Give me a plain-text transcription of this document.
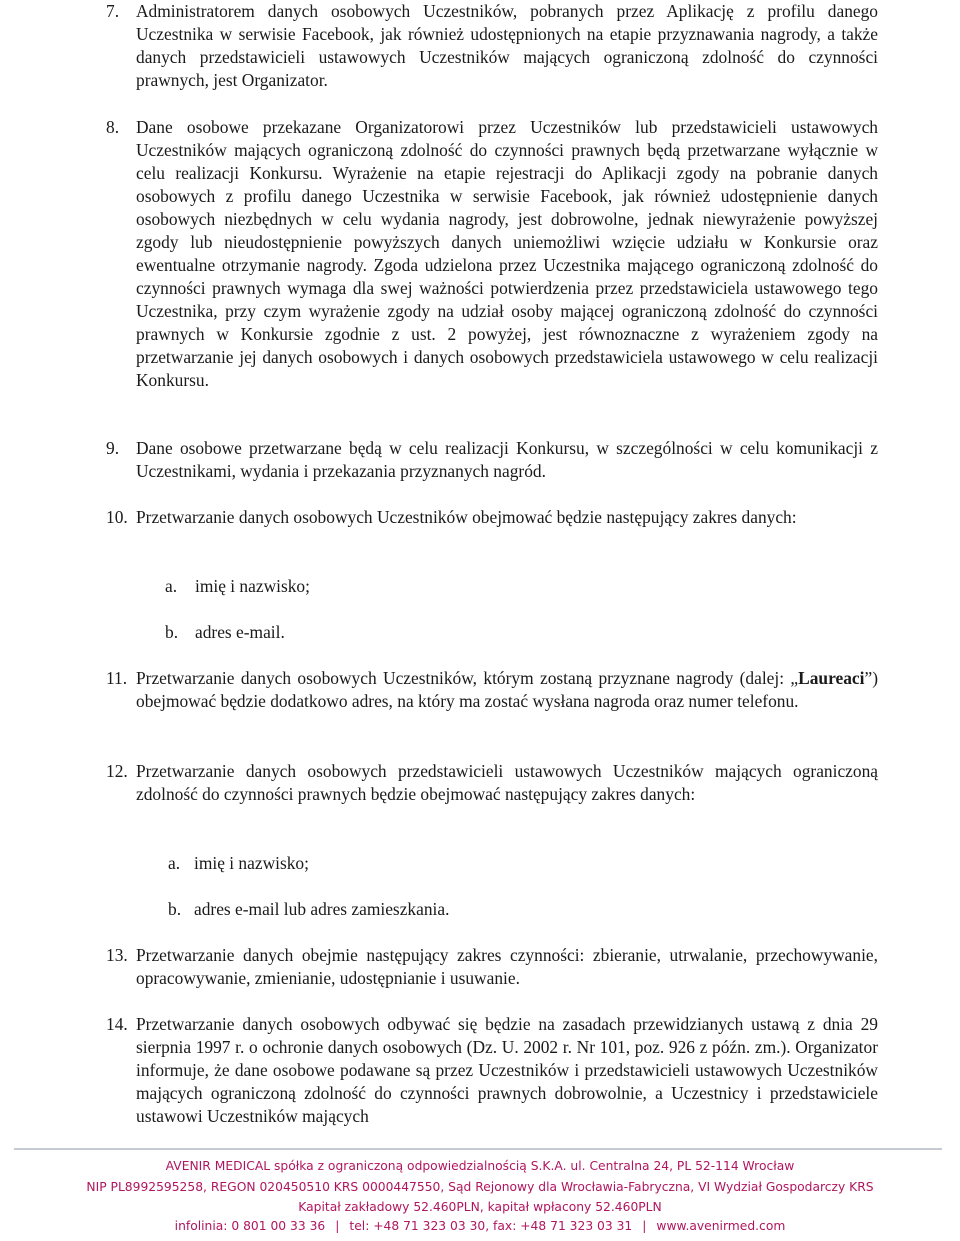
7. Administratorem danych osobowych Uczestników, pobranych przez Aplikację z profilu danego Uczestnika w serwisie Facebook, jak również udostępnionych na etapie przyznawania nagrody, a także danych przedstawicieli ustawowych Uczestników mających ograniczoną zdolność do czynności prawnych, jest Organizator.
8. Dane osobowe przekazane Organizatorowi przez Uczestników lub przedstawicieli ustawowych Uczestników mających ograniczoną zdolność do czynności prawnych będą przetwarzane wyłącznie w celu realizacji Konkursu. Wyrażenie na etapie rejestracji do Aplikacji zgody na pobranie danych osobowych z profilu danego Uczestnika w serwisie Facebook, jak również udostępnienie danych osobowych niezbędnych w celu wydania nagrody, jest dobrowolne, jednak niewyrażenie powyższej zgody lub nieudostępnienie powyższych danych uniemożliwi wzięcie udziału w Konkursie oraz ewentualne otrzymanie nagrody. Zgoda udzielona przez Uczestnika mającego ograniczoną zdolność do czynności prawnych wymaga dla swej ważności potwierdzenia przez przedstawiciela ustawowego tego Uczestnika, przy czym wyrażenie zgody na udział osoby mającej ograniczoną zdolność do czynności prawnych w Konkursie zgodnie z ust. 2 powyżej, jest równoznaczne z wyrażeniem zgody na przetwarzanie jej danych osobowych i danych osobowych przedstawiciela ustawowego w celu realizacji Konkursu.
9. Dane osobowe przetwarzane będą w celu realizacji Konkursu, w szczególności w celu komunikacji z Uczestnikami, wydania i przekazania przyznanych nagród.
10. Przetwarzanie danych osobowych Uczestników obejmować będzie następujący zakres danych:
a. imię i nazwisko;
b. adres e-mail.
11. Przetwarzanie danych osobowych Uczestników, którym zostaną przyznane nagrody (dalej: „Laureaci”) obejmować będzie dodatkowo adres, na który ma zostać wysłana nagroda oraz numer telefonu.
12. Przetwarzanie danych osobowych przedstawicieli ustawowych Uczestników mających ograniczoną zdolność do czynności prawnych będzie obejmować następujący zakres danych:
a. imię i nazwisko;
b. adres e-mail lub adres zamieszkania.
13. Przetwarzanie danych obejmie następujący zakres czynności: zbieranie, utrwalanie, przechowywanie, opracowywanie, zmienianie, udostępnianie i usuwanie.
14. Przetwarzanie danych osobowych odbywać się będzie na zasadach przewidzianych ustawą z dnia 29 sierpnia 1997 r. o ochronie danych osobowych (Dz. U. 2002 r. Nr 101, poz. 926 z późn. zm.). Organizator informuje, że dane osobowe podawane są przez Uczestników i przedstawicieli ustawowych Uczestników mających ograniczoną zdolność do czynności prawnych dobrowolnie, a Uczestnicy i przedstawiciele ustawowi Uczestników mających
AVENIR MEDICAL spółka z ograniczoną odpowiedzialnością S.K.A. ul. Centralna 24, PL 52-114 Wrocław
NIP PL8992595258, REGON 020450510 KRS 0000447550, Sąd Rejonowy dla Wrocławia-Fabryczna, VI Wydział Gospodarczy KRS
Kapitał zakładowy 52.460PLN, kapitał wpłacony 52.460PLN
infolinia: 0 801 00 33 36 | tel: +48 71 323 03 30, fax: +48 71 323 03 31 | www.avenirmed.com
